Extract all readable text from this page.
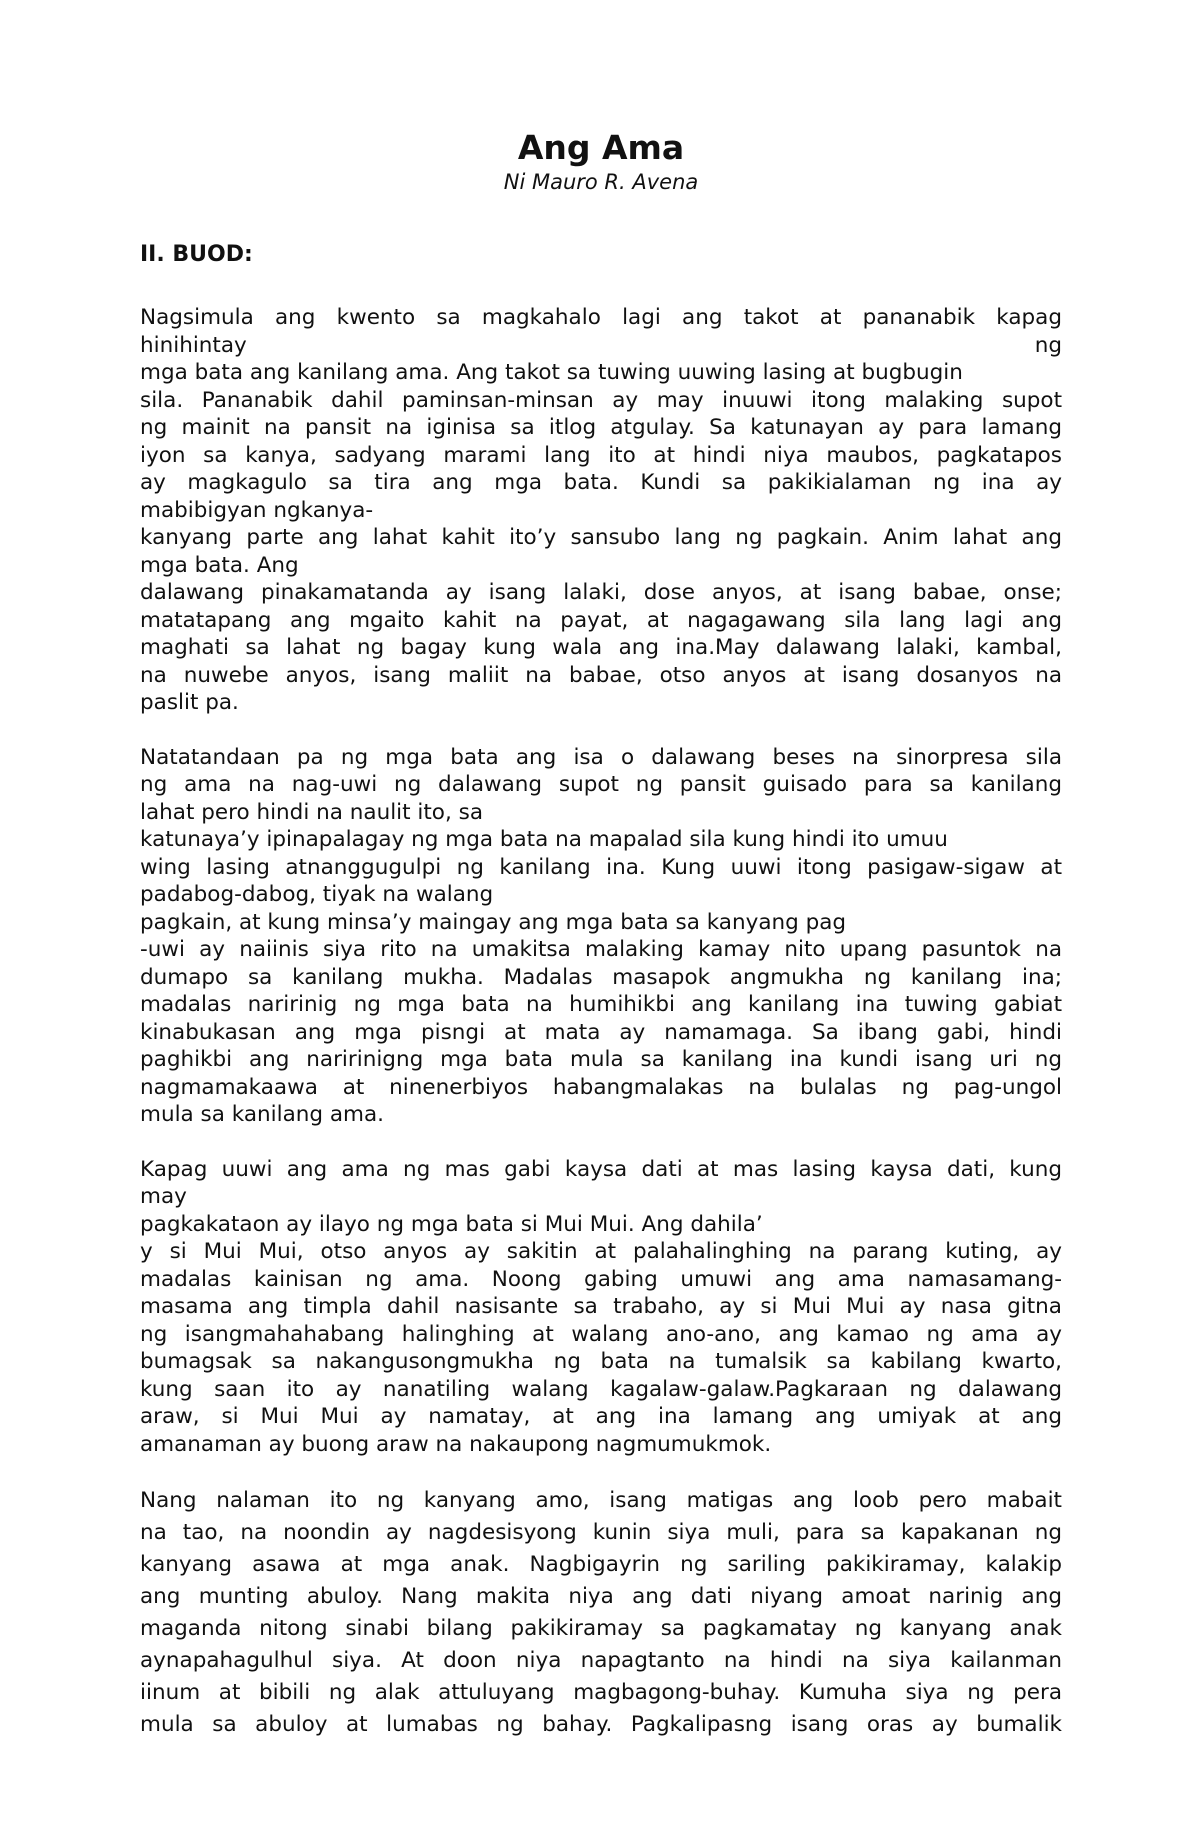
Ang Ama
Ni Mauro R. Avena
II. BUOD:
Nagsimula ang kwento sa magkahalo lagi ang takot at pananabik kapag
hinihintay ng
mga bata ang kanilang ama. Ang takot sa tuwing uuwing lasing at bugbugin
sila. Pananabik dahil paminsan-minsan ay may inuuwi itong malaking supot
ng mainit na pansit na iginisa sa itlog atgulay. Sa katunayan ay para lamang
iyon sa kanya, sadyang marami lang ito at hindi niya maubos, pagkatapos
ay magkagulo sa tira ang mga bata. Kundi sa pakikialaman ng ina ay
mabibigyan ngkanya-
kanyang parte ang lahat kahit ito’y sansubo lang ng pagkain. Anim lahat ang
mga bata. Ang
dalawang pinakamatanda ay isang lalaki, dose anyos, at isang babae, onse;
matatapang ang mgaito kahit na payat, at nagagawang sila lang lagi ang
maghati sa lahat ng bagay kung wala ang ina.May dalawang lalaki, kambal,
na nuwebe anyos, isang maliit na babae, otso anyos at isang dosanyos na
paslit pa.
Natatandaan pa ng mga bata ang isa o dalawang beses na sinorpresa sila
ng ama na nag-uwi ng dalawang supot ng pansit guisado para sa kanilang
lahat pero hindi na naulit ito, sa
katunaya’y ipinapalagay ng mga bata na mapalad sila kung hindi ito umuu
wing lasing atnanggugulpi ng kanilang ina. Kung uuwi itong pasigaw-sigaw at
padabog-dabog, tiyak na walang
pagkain, at kung minsa’y maingay ang mga bata sa kanyang pag
-uwi ay naiinis siya rito na umakitsa malaking kamay nito upang pasuntok na
dumapo sa kanilang mukha. Madalas masapok angmukha ng kanilang ina;
madalas naririnig ng mga bata na humihikbi ang kanilang ina tuwing gabiat
kinabukasan ang mga pisngi at mata ay namamaga. Sa ibang gabi, hindi
paghikbi ang naririnigng mga bata mula sa kanilang ina kundi isang uri ng
nagmamakaawa at ninenerbiyos habangmalakas na bulalas ng pag-ungol
mula sa kanilang ama.
Kapag uuwi ang ama ng mas gabi kaysa dati at mas lasing kaysa dati, kung
may
pagkakataon ay ilayo ng mga bata si Mui Mui. Ang dahila’
y si Mui Mui, otso anyos ay sakitin at palahalinghing na parang kuting, ay
madalas kainisan ng ama. Noong gabing umuwi ang ama namasamang-
masama ang timpla dahil nasisante sa trabaho, ay si Mui Mui ay nasa gitna
ng isangmahahabang halinghing at walang ano-ano, ang kamao ng ama ay
bumagsak sa nakangusongmukha ng bata na tumalsik sa kabilang kwarto,
kung saan ito ay nanatiling walang kagalaw-galaw.Pagkaraan ng dalawang
araw, si Mui Mui ay namatay, at ang ina lamang ang umiyak at ang
amanaman ay buong araw na nakaupong nagmumukmok.
Nang nalaman ito ng kanyang amo, isang matigas ang loob pero mabait
na tao, na noondin ay nagdesisyong kunin siya muli, para sa kapakanan ng
kanyang asawa at mga anak. Nagbigayrin ng sariling pakikiramay, kalakip
ang munting abuloy. Nang makita niya ang dati niyang amoat narinig ang
maganda nitong sinabi bilang pakikiramay sa pagkamatay ng kanyang anak
aynapahagulhul siya. At doon niya napagtanto na hindi na siya kailanman
iinum at bibili ng alak attuluyang magbagong-buhay. Kumuha siya ng pera
mula sa abuloy at lumabas ng bahay. Pagkalipasng isang oras ay bumalik
